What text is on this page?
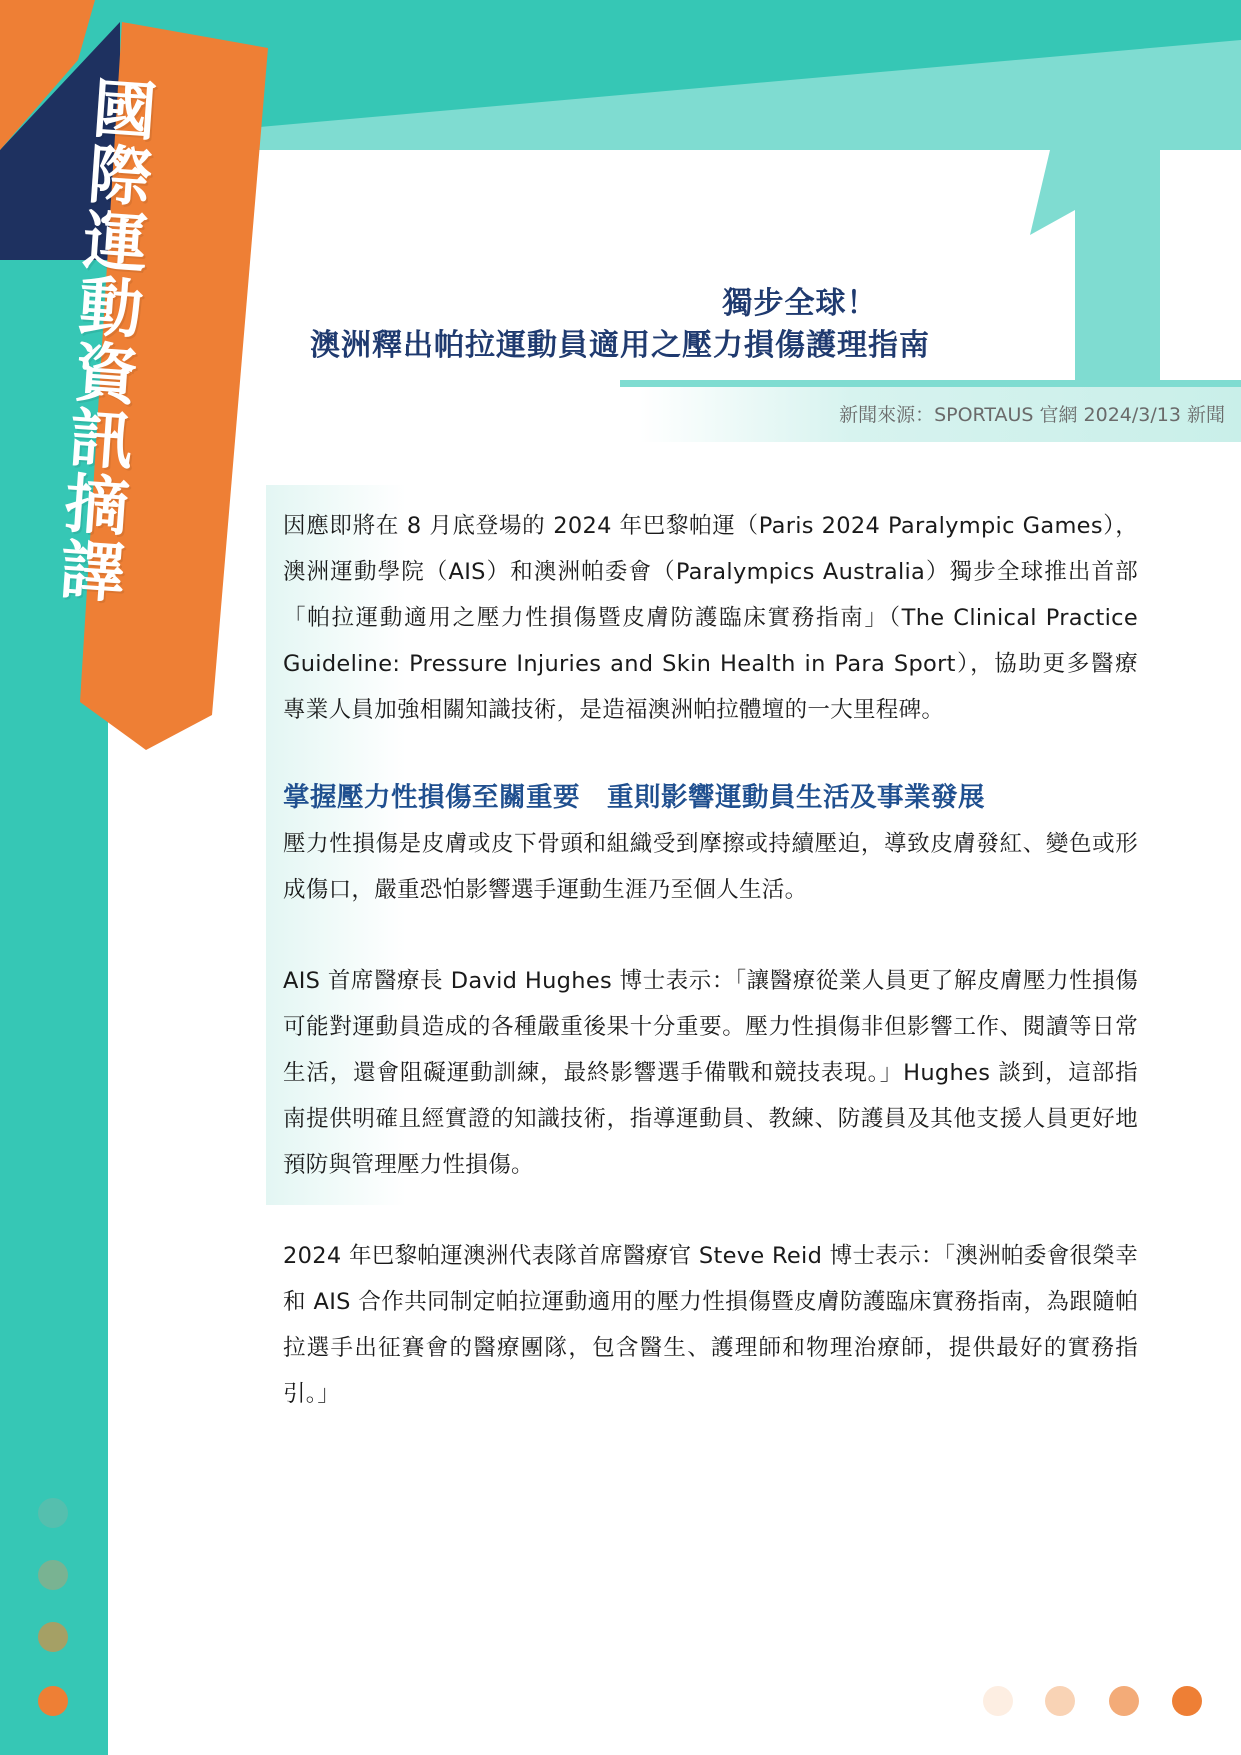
國
際
運
動
資
訊
摘
譯
獨步全球！
澳洲釋出帕拉運動員適用之壓力損傷護理指南
新聞來源：SPORTAUS 官網 2024/3/13 新聞

因應即將在 8 月底登場的 2024 年巴黎帕運（Paris 2024 Paralympic Games），澳洲運動學院（AIS）和澳洲帕委會（Paralympics Australia）獨步全球推出首部「帕拉運動適用之壓力性損傷暨皮膚防護臨床實務指南」（The Clinical Practice Guideline: Pressure Injuries and Skin Health in Para Sport），協助更多醫療專業人員加強相關知識技術，是造福澳洲帕拉體壇的一大里程碑。

掌握壓力性損傷至關重要　重則影響運動員生活及事業發展

壓力性損傷是皮膚或皮下骨頭和組織受到摩擦或持續壓迫，導致皮膚發紅、變色或形成傷口，嚴重恐怕影響選手運動生涯乃至個人生活。

AIS 首席醫療長 David Hughes 博士表示：「讓醫療從業人員更了解皮膚壓力性損傷可能對運動員造成的各種嚴重後果十分重要。壓力性損傷非但影響工作、閱讀等日常生活，還會阻礙運動訓練，最終影響選手備戰和競技表現。」Hughes 談到，這部指南提供明確且經實證的知識技術，指導運動員、教練、防護員及其他支援人員更好地預防與管理壓力性損傷。

2024 年巴黎帕運澳洲代表隊首席醫療官 Steve Reid 博士表示：「澳洲帕委會很榮幸和 AIS 合作共同制定帕拉運動適用的壓力性損傷暨皮膚防護臨床實務指南，為跟隨帕拉選手出征賽會的醫療團隊，包含醫生、護理師和物理治療師，提供最好的實務指引。」
